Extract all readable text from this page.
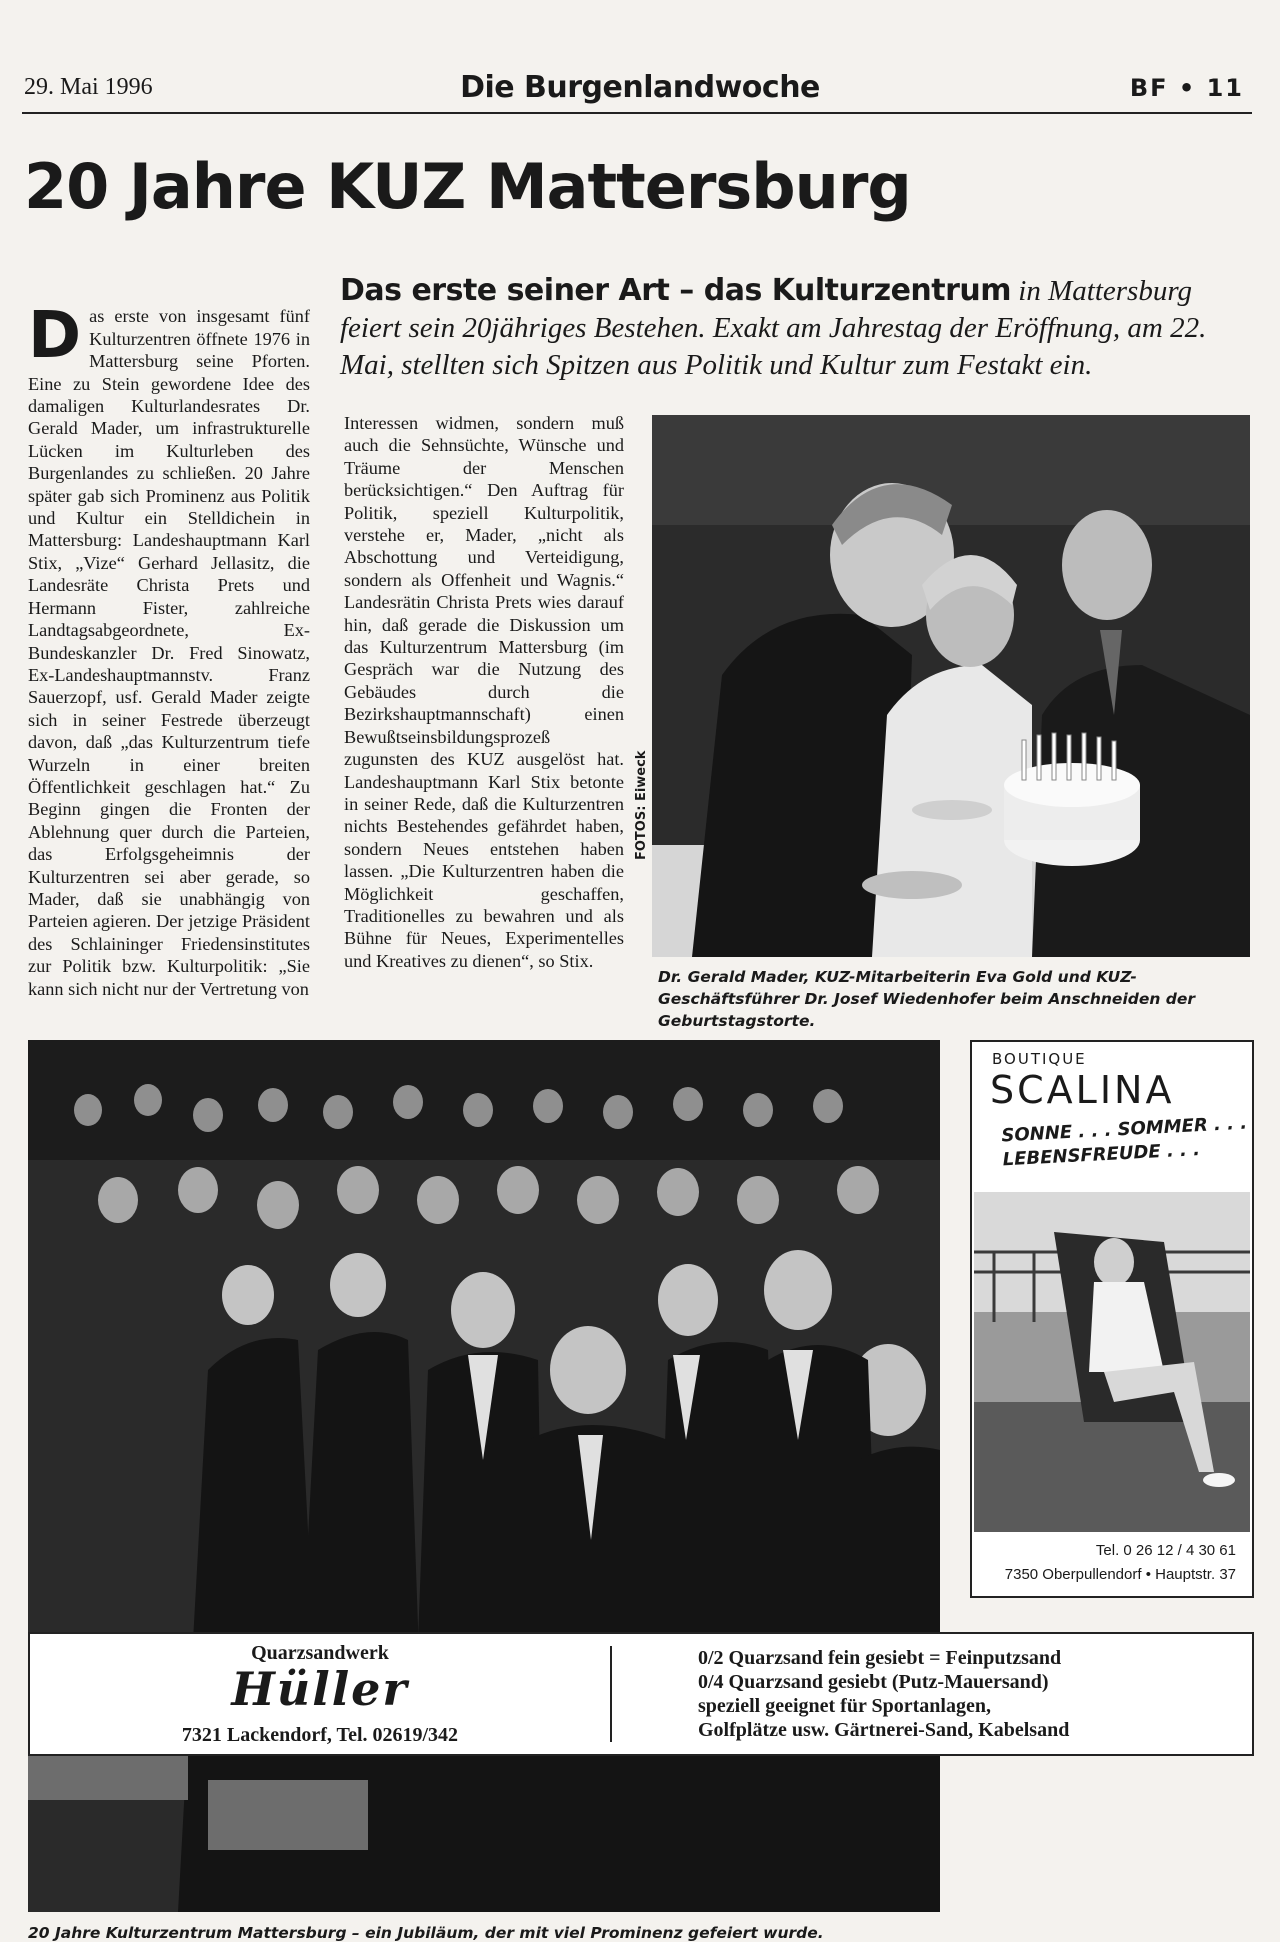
29. Mai 1996	Die Burgenlandwoche	BF • 11
20 Jahre KUZ Mattersburg
Das erste seiner Art – das Kulturzentrum in Mattersburg feiert sein 20jähriges Bestehen. Exakt am Jahrestag der Eröffnung, am 22. Mai, stellten sich Spitzen aus Politik und Kultur zum Festakt ein.

Das erste von insgesamt fünf Kulturzentren öffnete 1976 in Mattersburg seine Pforten. Eine zu Stein gewordene Idee des damaligen Kulturlandesrates Dr. Gerald Mader, um infrastrukturelle Lücken im Kulturleben des Burgenlandes zu schließen. 20 Jahre später gab sich Prominenz aus Politik und Kultur ein Stelldichein in Mattersburg: Landeshauptmann Karl Stix, „Vize“ Gerhard Jellasitz, die Landesräte Christa Prets und Hermann Fister, zahlreiche Landtagsabgeordnete, Ex-Bundeskanzler Dr. Fred Sinowatz, Ex-Landeshauptmannstv. Franz Sauerzopf, usf. Gerald Mader zeigte sich in seiner Festrede überzeugt davon, daß „das Kulturzentrum tiefe Wurzeln in einer breiten Öffentlichkeit geschlagen hat.“ Zu Beginn gingen die Fronten der Ablehnung quer durch die Parteien, das Erfolgsgeheimnis der Kulturzentren sei aber gerade, so Mader, daß sie unabhängig von Parteien agieren. Der jetzige Präsident des Schlaininger Friedensinstitutes zur Politik bzw. Kulturpolitik: „Sie kann sich nicht nur der Vertretung von

Interessen widmen, sondern muß auch die Sehnsüchte, Wünsche und Träume der Menschen berücksichtigen.“ Den Auftrag für Politik, speziell Kulturpolitik, verstehe er, Mader, „nicht als Abschottung und Verteidigung, sondern als Offenheit und Wagnis.“ Landesrätin Christa Prets wies darauf hin, daß gerade die Diskussion um das Kulturzentrum Mattersburg (im Gespräch war die Nutzung des Gebäudes durch die Bezirkshauptmannschaft) einen Bewußtseinsbildungsprozeß zugunsten des KUZ ausgelöst hat. Landeshauptmann Karl Stix betonte in seiner Rede, daß die Kulturzentren nichts Bestehendes gefährdet haben, sondern Neues entstehen haben lassen. „Die Kulturzentren haben die Möglichkeit geschaffen, Traditionelles zu bewahren und als Bühne für Neues, Experimentelles und Kreatives zu dienen“, so Stix.
FOTOS: Eiweck
Dr. Gerald Mader, KUZ-Mitarbeiterin Eva Gold und KUZ-Geschäftsführer Dr. Josef Wiedenhofer beim Anschneiden der Geburtstagstorte.
20 Jahre Kulturzentrum Mattersburg – ein Jubiläum, der mit viel Prominenz gefeiert wurde.
BOUTIQUE
SCALINA
SONNE . . . SOMMER . . .
LEBENSFREUDE . . .
Tel. 0 26 12 / 4 30 61
7350 Oberpullendorf • Hauptstr. 37
Quarzsandwerk
Hüller
7321 Lackendorf, Tel. 02619/342
0/2 Quarzsand fein gesiebt = Feinputzsand
0/4 Quarzsand gesiebt (Putz-Mauersand)
speziell geeignet für Sportanlagen,
Golfplätze usw. Gärtnerei-Sand, Kabelsand
